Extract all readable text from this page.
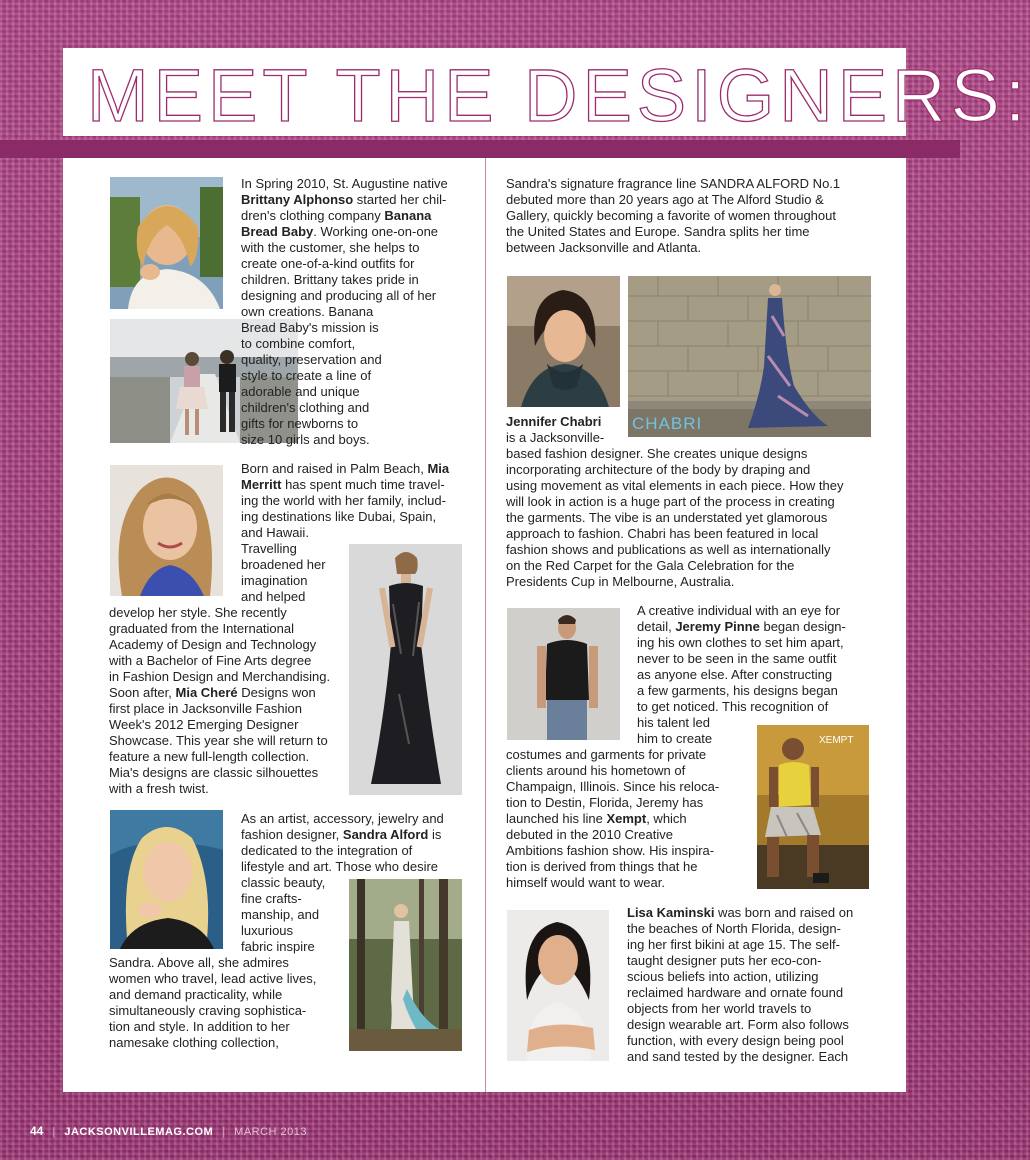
MEET THE DESIGNERS:
CHABRI
XEMPT
In Spring 2010, St. Augustine native
Brittany Alphonso started her chil-
dren's clothing company Banana
Bread Baby. Working one-on-one
with the customer, she helps to
create one-of-a-kind outfits for
children. Brittany takes pride in
designing and producing all of her
own creations. Banana
Bread Baby's mission is
to combine comfort,
quality, preservation and
style to create a line of
adorable and unique
children's clothing and
gifts for newborns to
size 10 girls and boys.
Born and raised in Palm Beach, Mia
Merritt has spent much time travel-
ing the world with her family, includ-
ing destinations like Dubai, Spain,
and Hawaii.
Travelling
broadened her
imagination
and helped
develop her style. She recently
graduated from the International
Academy of Design and Technology
with a Bachelor of Fine Arts degree
in Fashion Design and Merchandising.
Soon after, Mia Cheré Designs won
first place in Jacksonville Fashion
Week's 2012 Emerging Designer
Showcase. This year she will return to
feature a new full-length collection.
Mia's designs are classic silhouettes
with a fresh twist.
As an artist, accessory, jewelry and
fashion designer, Sandra Alford is
dedicated to the integration of
lifestyle and art. Those who desire
classic beauty,
fine crafts-
manship, and
luxurious
fabric inspire
Sandra. Above all, she admires
women who travel, lead active lives,
and demand practicality, while
simultaneously craving sophistica-
tion and style. In addition to her
namesake clothing collection,
Sandra's signature fragrance line SANDRA ALFORD No.1
debuted more than 20 years ago at The Alford Studio &
Gallery, quickly becoming a favorite of women throughout
the United States and Europe. Sandra splits her time
between Jacksonville and Atlanta.
Jennifer Chabri
is a Jacksonville-
based fashion designer. She creates unique designs
incorporating architecture of the body by draping and
using movement as vital elements in each piece. How they
will look in action is a huge part of the process in creating
the garments. The vibe is an understated yet glamorous
approach to fashion. Chabri has been featured in local
fashion shows and publications as well as internationally
on the Red Carpet for the Gala Celebration for the
Presidents Cup in Melbourne, Australia.
A creative individual with an eye for
detail, Jeremy Pinne began design-
ing his own clothes to set him apart,
never to be seen in the same outfit
as anyone else. After constructing
a few garments, his designs began
to get noticed. This recognition of
his talent led
him to create
costumes and garments for private
clients around his hometown of
Champaign, Illinois. Since his reloca-
tion to Destin, Florida, Jeremy has
launched his line Xempt, which
debuted in the 2010 Creative
Ambitions fashion show. His inspira-
tion is derived from things that he
himself would want to wear.
Lisa Kaminski was born and raised on
the beaches of North Florida, design-
ing her first bikini at age 15. The self-
taught designer puts her eco-con-
scious beliefs into action, utilizing
reclaimed hardware and ornate found
objects from her world travels to
design wearable art. Form also follows
function, with every design being pool
and sand tested by the designer. Each
44 | JACKSONVILLEMAG.COM | MARCH 2013
